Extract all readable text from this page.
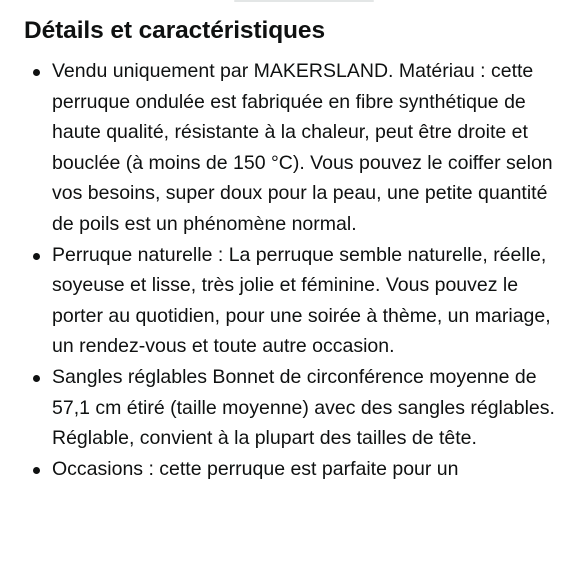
Détails et caractéristiques
Vendu uniquement par MAKERSLAND. Matériau : cette perruque ondulée est fabriquée en fibre synthétique de haute qualité, résistante à la chaleur, peut être droite et bouclée (à moins de 150 °C). Vous pouvez le coiffer selon vos besoins, super doux pour la peau, une petite quantité de poils est un phénomène normal.
Perruque naturelle : La perruque semble naturelle, réelle, soyeuse et lisse, très jolie et féminine. Vous pouvez le porter au quotidien, pour une soirée à thème, un mariage, un rendez-vous et toute autre occasion.
Sangles réglables Bonnet de circonférence moyenne de 57,1 cm étiré (taille moyenne) avec des sangles réglables. Réglable, convient à la plupart des tailles de tête.
Occasions : cette perruque est parfaite pour un
